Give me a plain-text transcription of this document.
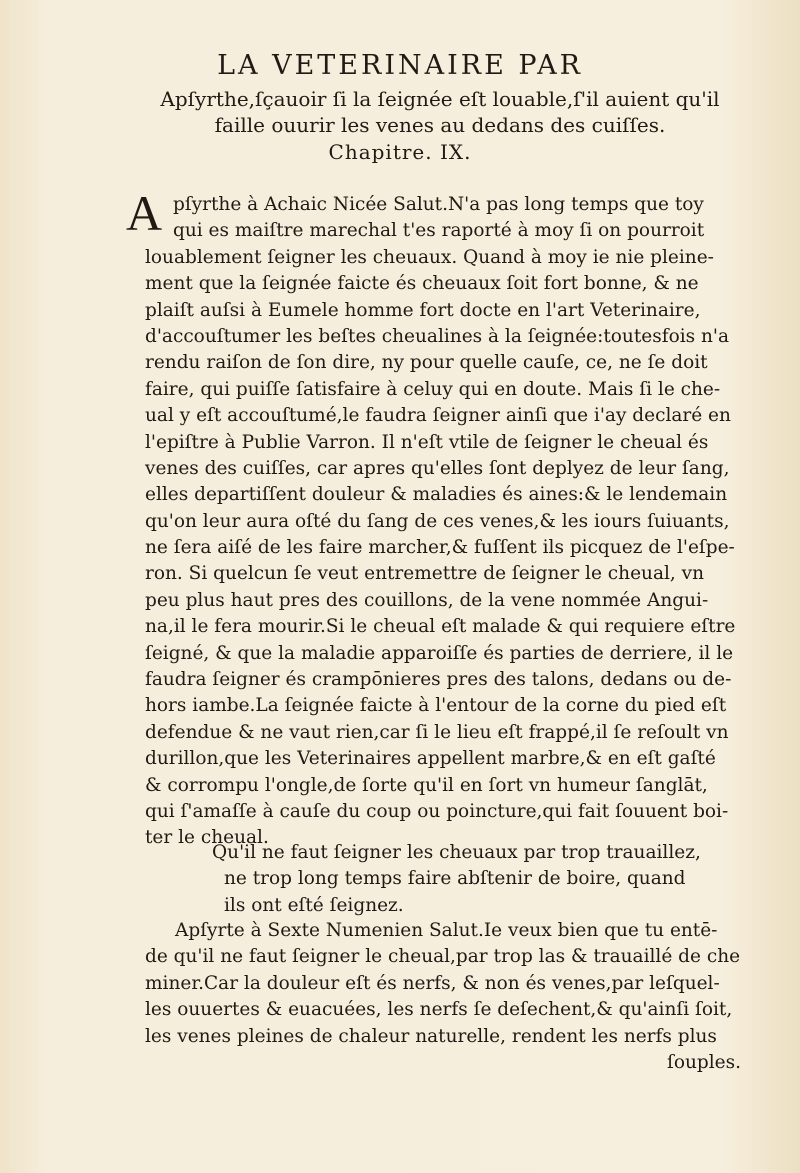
LA VETERINAIRE PAR
Apſyrthe,ſçauoir ſi la ſeignée eſt louable,ſ'il auient qu'il
faille ouurir les venes au dedans des cuiſſes.
Chapitre. IX.
A pſyrthe à Achaic Nicée Salut.N'a pas long temps que toy
qui es maiſtre marechal t'es raporté à moy ſi on pourroit
louablement ſeigner les cheuaux. Quand à moy ie nie pleine-
ment que la ſeignée faicte és cheuaux ſoit fort bonne, & ne
plaiſt auſsi à Eumele homme fort docte en l'art Veterinaire,
d'accouſtumer les beſtes cheualines à la ſeignée:toutesfois n'a
rendu raiſon de ſon dire, ny pour quelle cauſe, ce, ne ſe doit
faire, qui puiſſe ſatisfaire à celuy qui en doute. Mais ſi le che-
ual y eſt accouſtumé,le faudra ſeigner ainſi que i'ay declaré en
l'epiſtre à Publie Varron. Il n'eſt vtile de ſeigner le cheual és
venes des cuiſſes, car apres qu'elles ſont deplyez de leur ſang,
elles departiſſent douleur & maladies és aines:& le lendemain
qu'on leur aura oſté du ſang de ces venes,& les iours ſuiuants,
ne ſera aiſé de les faire marcher,& fuſſent ils picquez de l'eſpe-
ron. Si quelcun ſe veut entremettre de ſeigner le cheual, vn
peu plus haut pres des couillons, de la vene nommée Angui-
na,il le fera mourir.Si le cheual eſt malade & qui requiere eſtre
ſeigné, & que la maladie apparoiſſe és parties de derriere, il le
faudra ſeigner és crampōnieres pres des talons, dedans ou de-
hors iambe.La ſeignée faicte à l'entour de la corne du pied eſt
defendue & ne vaut rien,car ſi le lieu eſt frappé,il ſe reſoult vn
durillon,que les Veterinaires appellent marbre,& en eſt gaſté
& corrompu l'ongle,de ſorte qu'il en ſort vn humeur ſanglāt,
qui ſ'amaſſe à cauſe du coup ou poincture,qui fait ſouuent boi-
ter le cheual.
Qu'il ne faut ſeigner les cheuaux par trop trauaillez,
ne trop long temps faire abſtenir de boire, quand
ils ont eſté ſeignez.
Apſyrte à Sexte Numenien Salut.Ie veux bien que tu entē-
de qu'il ne faut ſeigner le cheual,par trop las & trauaillé de che
miner.Car la douleur eſt és nerfs, & non és venes,par leſquel-
les ouuertes & euacuées, les nerfs ſe deſechent,& qu'ainſi ſoit,
les venes pleines de chaleur naturelle, rendent les nerfs plus
ſouples.
